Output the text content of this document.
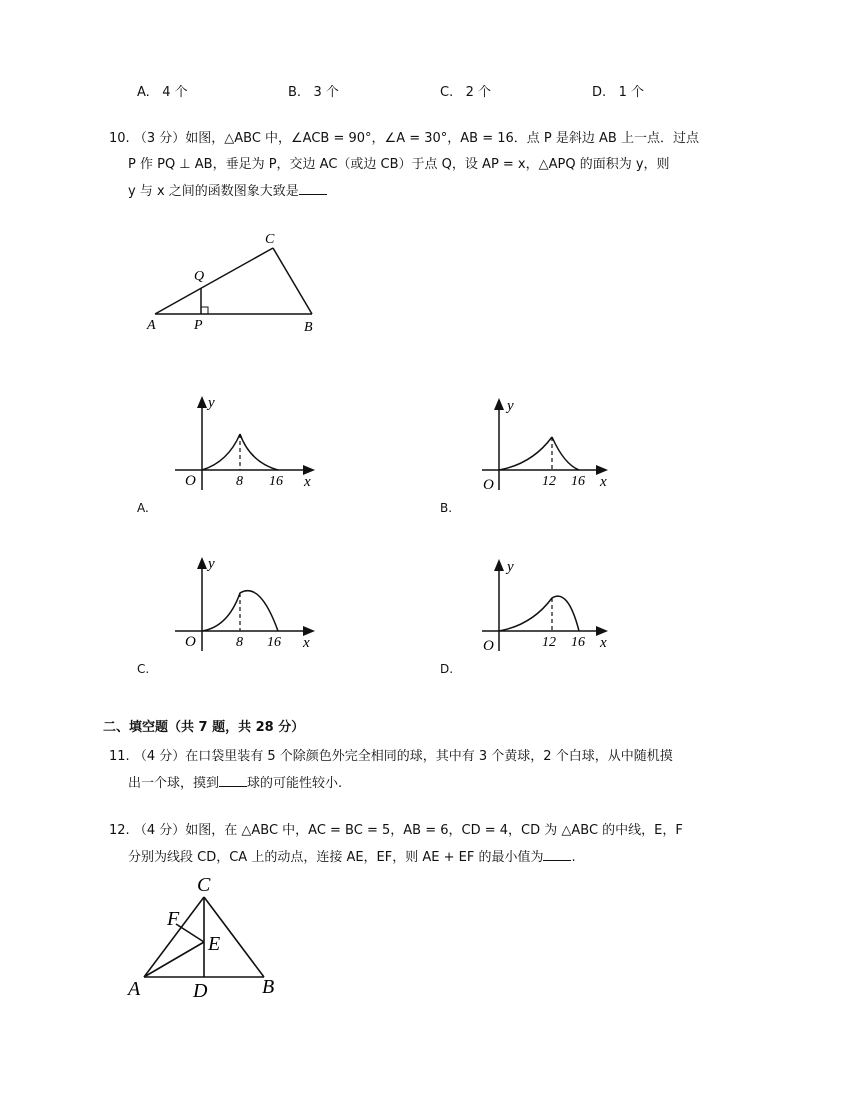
A. 4 个	B. 3 个	C. 2 个	D. 1 个
10. （3 分）如图，△ABC 中，∠ACB = 90°，∠A = 30°，AB = 16．点 P 是斜边 AB 上一点．过点
P 作 PQ ⊥ AB，垂足为 P，交边 AC（或边 CB）于点 Q，设 AP = x，△APQ 的面积为 y，则
y 与 x 之间的函数图象大致是
A	P	B
C
Q
O	8 16 x
y
A.
O	12 16 x
y
B.
O	8 16 x
y
C.
O	12 16 x
y
D.
二、填空题（共 7 题，共 28 分）
11. （4 分）在口袋里装有 5 个除颜色外完全相同的球，其中有 3 个黄球，2 个白球，从中随机摸
出一个球，摸到 球的可能性较小.
12. （4 分）如图，在 △ABC 中，AC = BC = 5，AB = 6，CD = 4，CD 为 △ABC 的中线，E，F
分别为线段 CD，CA 上的动点，连接 AE，EF，则 AE + EF 的最小值为 .
C
F
E
A	D	B
